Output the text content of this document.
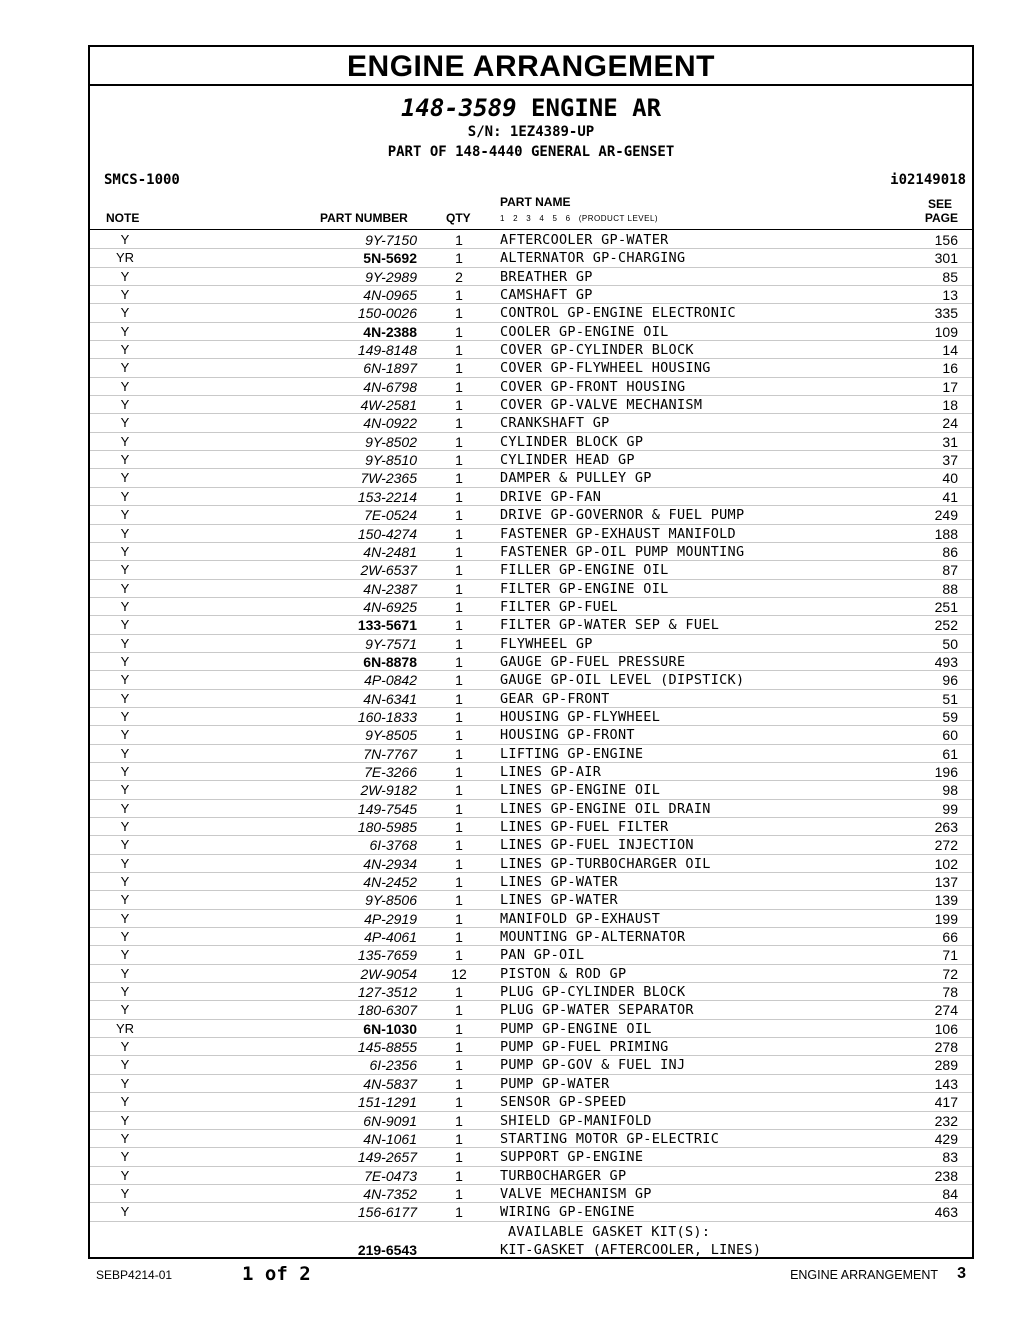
ENGINE ARRANGEMENT
148-3589 ENGINE AR
S/N: 1EZ4389-UP
PART OF 148-4440 GENERAL AR-GENSET
SMCS-1000	i02149018
NOTE	PART NUMBER	QTY
PART NAME
1   2   3   4   5   6   (PRODUCT LEVEL)
SEE
PAGE
Y	9Y-7150	1	AFTERCOOLER GP-WATER	156
YR	5N-5692	1	ALTERNATOR GP-CHARGING	301
Y	9Y-2989	2	BREATHER GP	85
Y	4N-0965	1	CAMSHAFT GP	13
Y	150-0026	1	CONTROL GP-ENGINE ELECTRONIC	335
Y	4N-2388	1	COOLER GP-ENGINE OIL	109
Y	149-8148	1	COVER GP-CYLINDER BLOCK	14
Y	6N-1897	1	COVER GP-FLYWHEEL HOUSING	16
Y	4N-6798	1	COVER GP-FRONT HOUSING	17
Y	4W-2581	1	COVER GP-VALVE MECHANISM	18
Y	4N-0922	1	CRANKSHAFT GP	24
Y	9Y-8502	1	CYLINDER BLOCK GP	31
Y	9Y-8510	1	CYLINDER HEAD GP	37
Y	7W-2365	1	DAMPER & PULLEY GP	40
Y	153-2214	1	DRIVE GP-FAN	41
Y	7E-0524	1	DRIVE GP-GOVERNOR & FUEL PUMP	249
Y	150-4274	1	FASTENER GP-EXHAUST MANIFOLD	188
Y	4N-2481	1	FASTENER GP-OIL PUMP MOUNTING	86
Y	2W-6537	1	FILLER GP-ENGINE OIL	87
Y	4N-2387	1	FILTER GP-ENGINE OIL	88
Y	4N-6925	1	FILTER GP-FUEL	251
Y	133-5671	1	FILTER GP-WATER SEP & FUEL	252
Y	9Y-7571	1	FLYWHEEL GP	50
Y	6N-8878	1	GAUGE GP-FUEL PRESSURE	493
Y	4P-0842	1	GAUGE GP-OIL LEVEL (DIPSTICK)	96
Y	4N-6341	1	GEAR GP-FRONT	51
Y	160-1833	1	HOUSING GP-FLYWHEEL	59
Y	9Y-8505	1	HOUSING GP-FRONT	60
Y	7N-7767	1	LIFTING GP-ENGINE	61
Y	7E-3266	1	LINES GP-AIR	196
Y	2W-9182	1	LINES GP-ENGINE OIL	98
Y	149-7545	1	LINES GP-ENGINE OIL DRAIN	99
Y	180-5985	1	LINES GP-FUEL FILTER	263
Y	6I-3768	1	LINES GP-FUEL INJECTION	272
Y	4N-2934	1	LINES GP-TURBOCHARGER OIL	102
Y	4N-2452	1	LINES GP-WATER	137
Y	9Y-8506	1	LINES GP-WATER	139
Y	4P-2919	1	MANIFOLD GP-EXHAUST	199
Y	4P-4061	1	MOUNTING GP-ALTERNATOR	66
Y	135-7659	1	PAN GP-OIL	71
Y	2W-9054	12	PISTON & ROD GP	72
Y	127-3512	1	PLUG GP-CYLINDER BLOCK	78
Y	180-6307	1	PLUG GP-WATER SEPARATOR	274
YR	6N-1030	1	PUMP GP-ENGINE OIL	106
Y	145-8855	1	PUMP GP-FUEL PRIMING	278
Y	6I-2356	1	PUMP GP-GOV & FUEL INJ	289
Y	4N-5837	1	PUMP GP-WATER	143
Y	151-1291	1	SENSOR GP-SPEED	417
Y	6N-9091	1	SHIELD GP-MANIFOLD	232
Y	4N-1061	1	STARTING MOTOR GP-ELECTRIC	429
Y	149-2657	1	SUPPORT GP-ENGINE	83
Y	7E-0473	1	TURBOCHARGER GP	238
Y	4N-7352	1	VALVE MECHANISM GP	84
Y	156-6177	1	WIRING GP-ENGINE	463
AVAILABLE GASKET KIT(S):
219-6543	KIT-GASKET (AFTERCOOLER, LINES)
SEBP4214-01	1 of 2	ENGINE ARRANGEMENT 3
